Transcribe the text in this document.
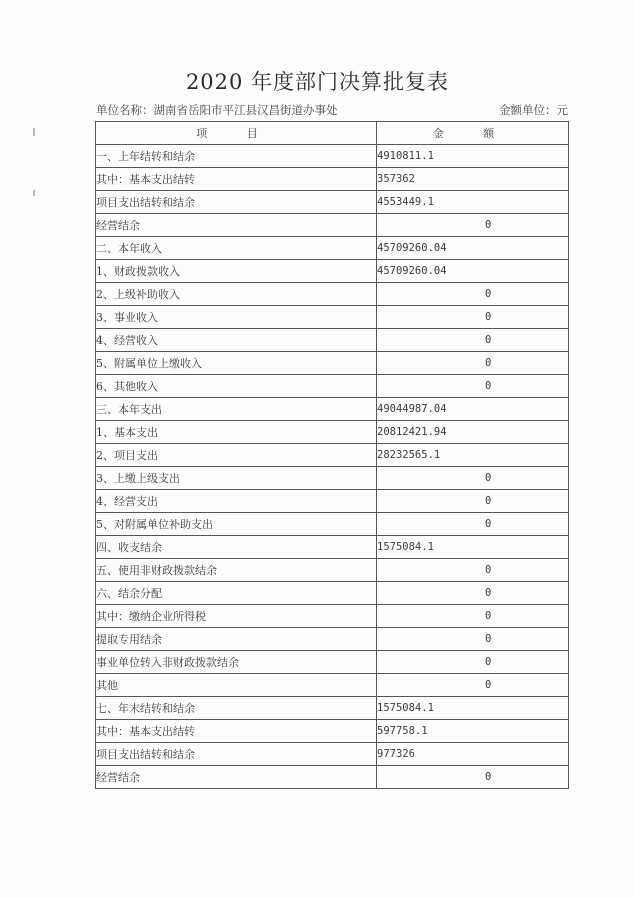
2020 年度部门决算批复表
单位名称：湖南省岳阳市平江县汉昌街道办事处	金额单位：元
项 目	金 额
一、上年结转和结余	4910811.1
其中：基本支出结转	357362
项目支出结转和结余	4553449.1
经营结余	0
二、本年收入	45709260.04
1、财政拨款收入	45709260.04
2、上级补助收入	0
3、事业收入	0
4、经营收入	0
5、附属单位上缴收入	0
6、其他收入	0
三、本年支出	49044987.04
1、基本支出	20812421.94
2、项目支出	28232565.1
3、上缴上级支出	0
4、经营支出	0
5、对附属单位补助支出	0
四、收支结余	1575084.1
五、使用非财政拨款结余	0
六、结余分配	0
其中：缴纳企业所得税	0
提取专用结余	0
事业单位转入非财政拨款结余	0
其他	0
七、年末结转和结余	1575084.1
其中：基本支出结转	597758.1
项目支出结转和结余	977326
经营结余	0
